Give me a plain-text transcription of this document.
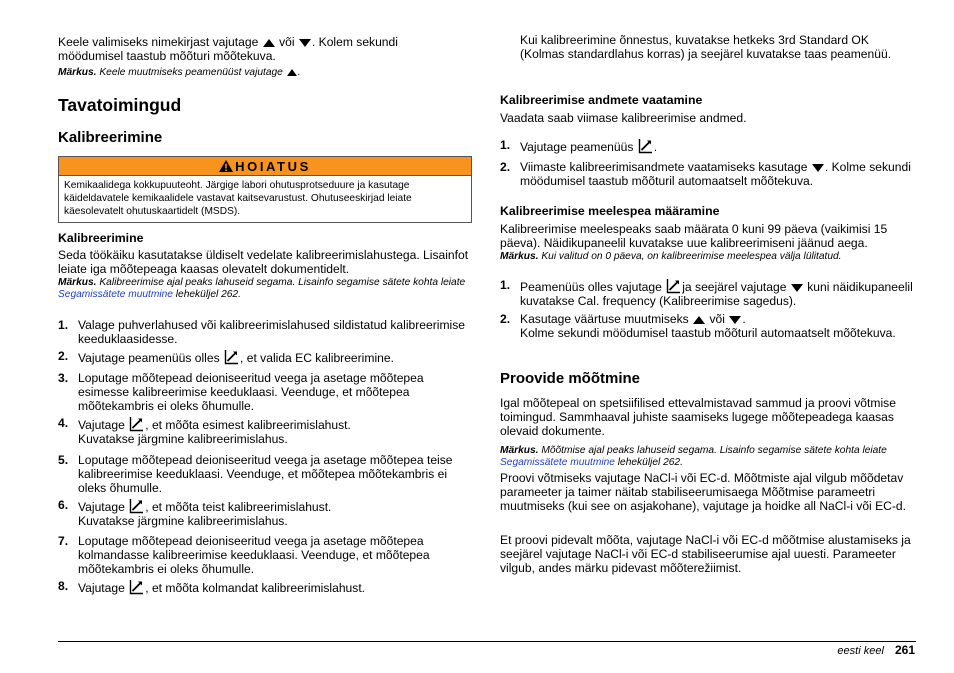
Keele valimiseks nimekirjast vajutage või . Kolem sekundi
möödumisel taastub mõõturi mõõtekuva.

Märkus. Keele muutmiseks peamenüüst vajutage .

Tavatoimingud
Kalibreerimine
HOIATUS
Kemikaalidega kokkupuuteoht. Järgige labori ohutusprotseduure ja kasutage käideldavatele kemikaalidele vastavat kaitsevarustust. Ohutuseeskirjad leiate käesolevatelt ohutuskaartidelt (MSDS).
Kalibreerimine

Seda töökäiku kasutatakse üldiselt vedelate kalibreerimislahustega. Lisainfot leiate iga mõõtepeaga kaasas olevatelt dokumentidelt.

Märkus. Kalibreerimise ajal peaks lahuseid segama. Lisainfo segamise sätete kohta leiate Segamissätete muutmine leheküljel 262.

1. Valage puhverlahused või kalibreerimislahused sildistatud kalibreerimise keeduklaasidesse.
2. Vajutage peamenüüs olles , et valida EC kalibreerimine.
3. Loputage mõõtepead deioniseeritud veega ja asetage mõõtepea esimesse kalibreerimise keeduklaasi. Veenduge, et mõõtepea mõõtekambris ei oleks õhumulle.
4. Vajutage , et mõõta esimest kalibreerimislahust.
Kuvatakse järgmine kalibreerimislahus.
5. Loputage mõõtepead deioniseeritud veega ja asetage mõõtepea teise kalibreerimise keeduklaasi. Veenduge, et mõõtepea mõõtekambris ei oleks õhumulle.
6. Vajutage , et mõõta teist kalibreerimislahust.
Kuvatakse järgmine kalibreerimislahus.
7. Loputage mõõtepead deioniseeritud veega ja asetage mõõtepea kolmandasse kalibreerimise keeduklaasi. Veenduge, et mõõtepea mõõtekambris ei oleks õhumulle.
8. Vajutage , et mõõta kolmandat kalibreerimislahust.

Kui kalibreerimine õnnestus, kuvatakse hetkeks 3rd Standard OK (Kolmas standardlahus korras) ja seejärel kuvatakse taas peamenüü.

Kalibreerimise andmete vaatamine

Vaadata saab viimase kalibreerimise andmed.

1. Vajutage peamenüüs .
2. Viimaste kalibreerimisandmete vaatamiseks kasutage . Kolme sekundi möödumisel taastub mõõturil automaatselt mõõtekuva.
Kalibreerimise meelespea määramine

Kalibreerimise meelespeaks saab määrata 0 kuni 99 päeva (vaikimisi 15 päeva). Näidikupaneelil kuvatakse uue kalibreerimiseni jäänud aega.

Märkus. Kui valitud on 0 päeva, on kalibreerimise meelespea välja lülitatud.

1. Peamenüüs olles vajutage ja seejärel vajutage kuni näidikupaneelil kuvatakse Cal. frequency (Kalibreerimise sagedus).
2. Kasutage väärtuse muutmiseks või .
Kolme sekundi möödumisel taastub mõõturil automaatselt mõõtekuva.
Proovide mõõtmine

Igal mõõtepeal on spetsiifilised ettevalmistavad sammud ja proovi võtmise toimingud. Sammhaaval juhiste saamiseks lugege mõõtepeadega kaasas olevaid dokumente.

Märkus. Mõõtmise ajal peaks lahuseid segama. Lisainfo segamise sätete kohta leiate Segamissätete muutmine leheküljel 262.

Proovi võtmiseks vajutage NaCl-i või EC-d. Mõõtmiste ajal vilgub mõõdetav parameeter ja taimer näitab stabiliseerumisaega Mõõtmise parameetri muutmiseks (kui see on asjakohane), vajutage ja hoidke all NaCl-i või EC-d.

Et proovi pidevalt mõõta, vajutage NaCl-i või EC-d mõõtmise alustamiseks ja seejärel vajutage NaCl-i või EC-d stabiliseerumise ajal uuesti. Parameeter vilgub, andes märku pidevast mõõterežiimist.

eesti keel 261
